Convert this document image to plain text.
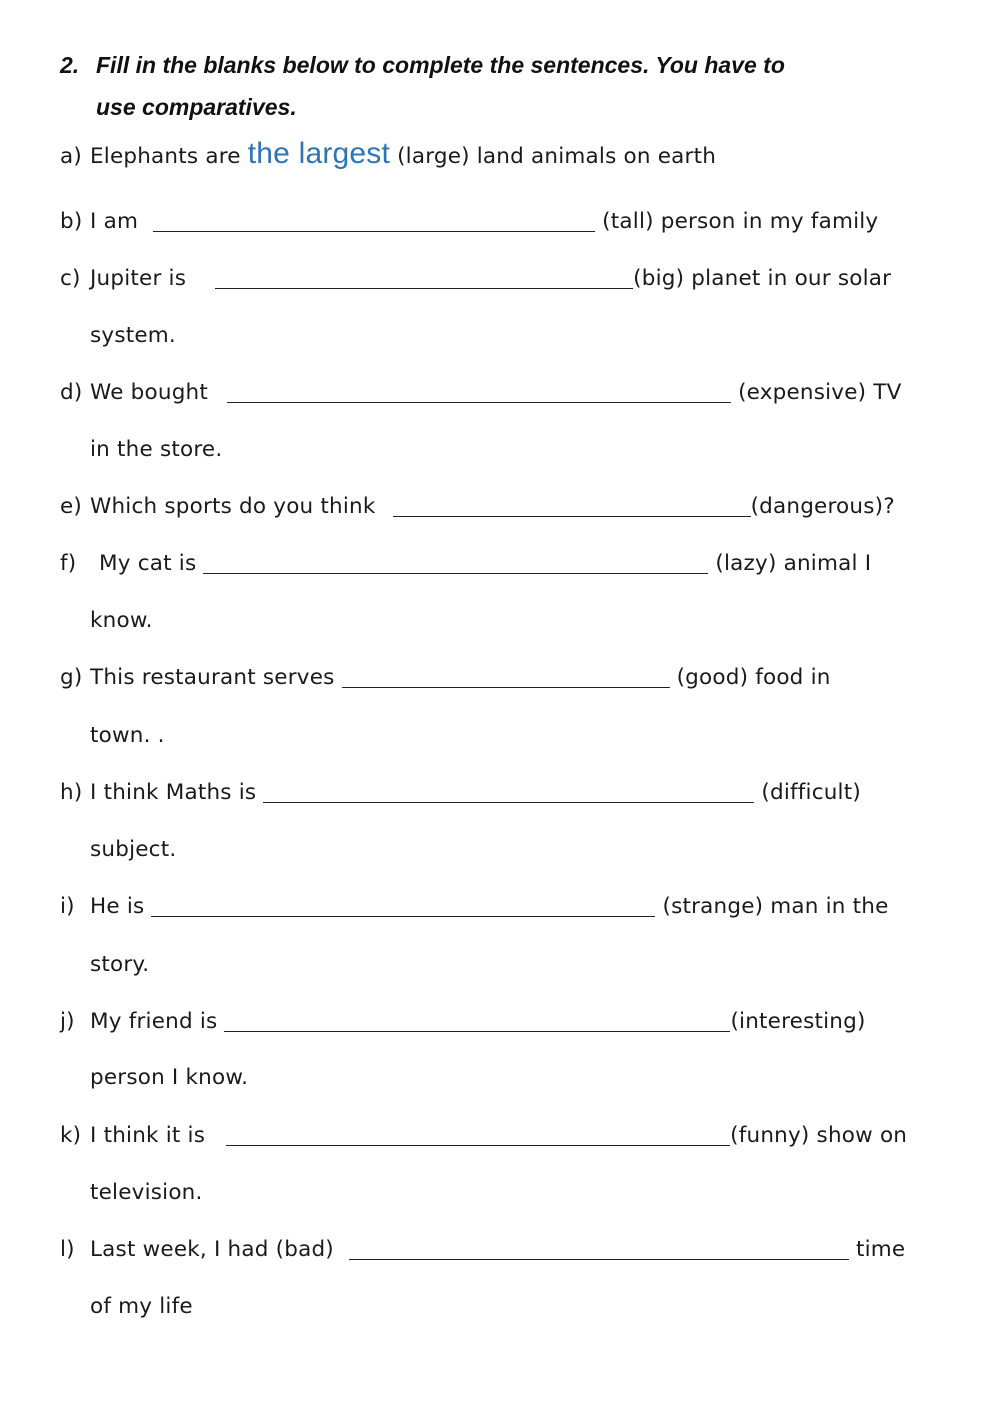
2. Fill in the blanks below to complete the sentences. You have to
use comparatives.
a) Elephants are the largest (large) land animals on earth
b) I am	(tall) person in my family
c) Jupiter is	(big) planet in our solar
system.
d) We bought	(expensive) TV
in the store.
e) Which sports do you think	(dangerous)?
f) My cat is	(lazy) animal I
know.
g) This restaurant serves	(good) food in
town. .
h) I think Maths is	(difficult)
subject.
i) He is	(strange) man in the
story.
j) My friend is	(interesting)
person I know.
k) I think it is	(funny) show on
television.
l) Last week, I had (bad)	time
of my life
